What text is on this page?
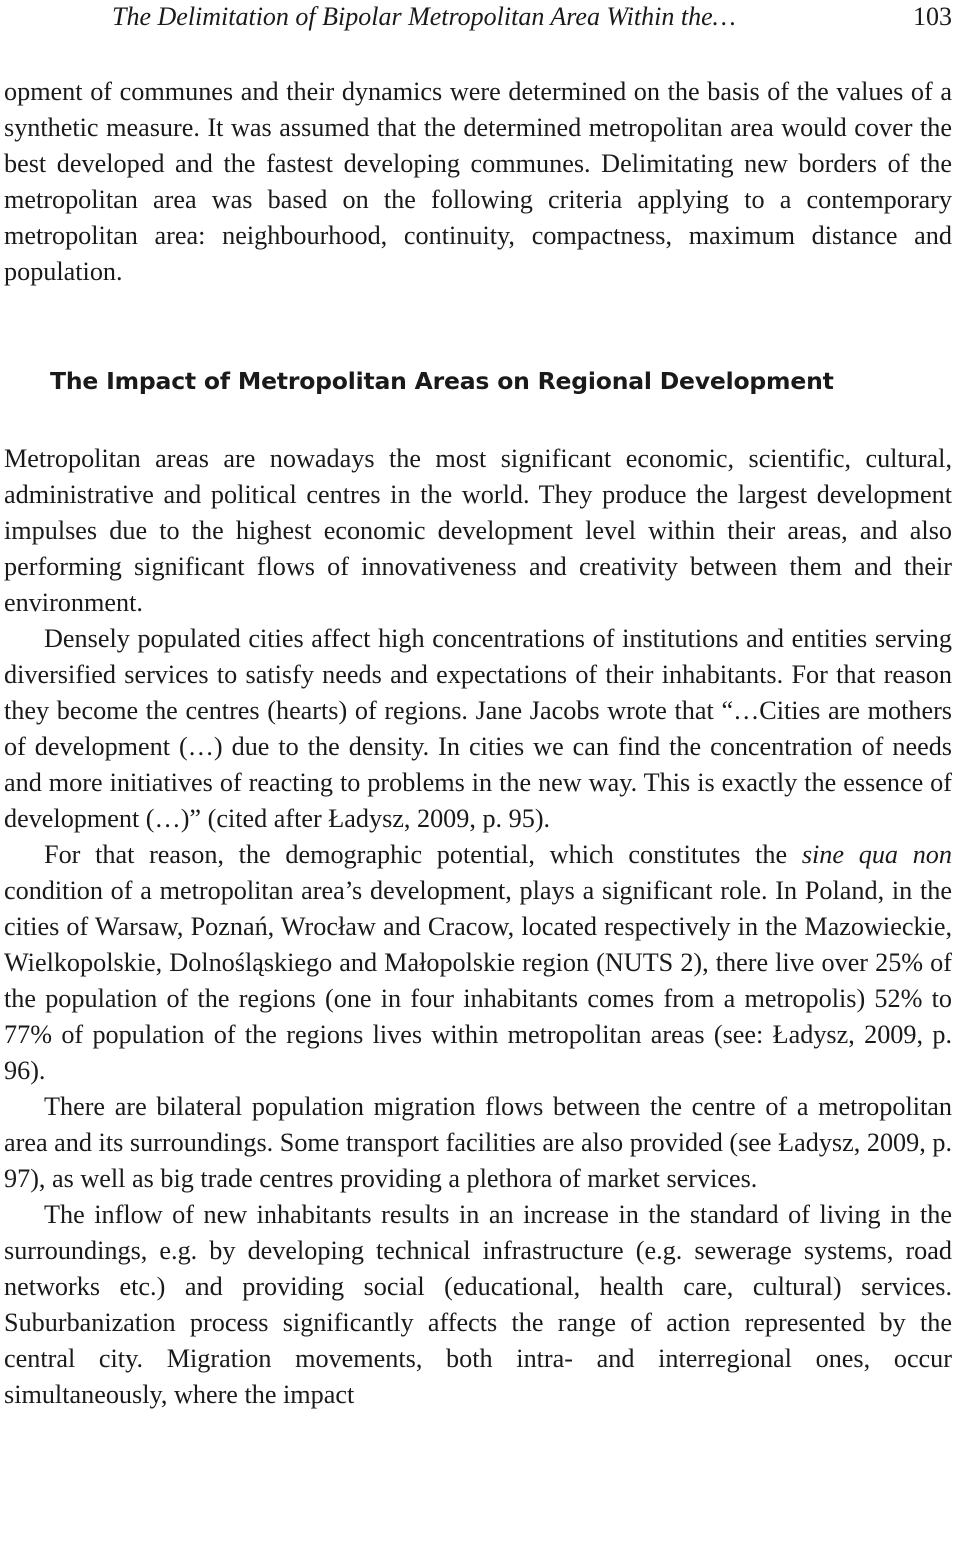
The Delimitation of Bipolar Metropolitan Area Within the…	103

opment of communes and their dynamics were determined on the basis of the values of a synthetic measure. It was assumed that the determined metropolitan area would cover the best developed and the fastest developing communes. Delimitating new borders of the metropolitan area was based on the following criteria applying to a contemporary metropolitan area: neighbourhood, continuity, compactness, maximum distance and population.

The Impact of Metropolitan Areas on Regional Development

Metropolitan areas are nowadays the most significant economic, scientific, cultural, administrative and political centres in the world. They produce the largest development impulses due to the highest economic development level within their areas, and also performing significant flows of innovativeness and creativity between them and their environment.

Densely populated cities affect high concentrations of institutions and entities serving diversified services to satisfy needs and expectations of their inhabitants. For that reason they become the centres (hearts) of regions. Jane Jacobs wrote that “…Cities are mothers of development (…) due to the density. In cities we can find the concentration of needs and more initiatives of reacting to problems in the new way. This is exactly the essence of development (…)” (cited after Ładysz, 2009, p. 95).

For that reason, the demographic potential, which constitutes the sine qua non condition of a metropolitan area’s development, plays a significant role. In Poland, in the cities of Warsaw, Poznań, Wrocław and Cracow, located respectively in the Mazowieckie, Wielkopolskie, Dolnośląskiego and Małopolskie region (NUTS 2), there live over 25% of the population of the regions (one in four inhabitants comes from a metropolis) 52% to 77% of population of the regions lives within metropolitan areas (see: Ładysz, 2009, p. 96).

There are bilateral population migration flows between the centre of a metropolitan area and its surroundings. Some transport facilities are also provided (see Ładysz, 2009, p. 97), as well as big trade centres providing a plethora of market services.

The inflow of new inhabitants results in an increase in the standard of living in the surroundings, e.g. by developing technical infrastructure (e.g. sewerage systems, road networks etc.) and providing social (educational, health care, cultural) services. Suburbanization process significantly affects the range of action represented by the central city. Migration movements, both intra- and interregional ones, occur simultaneously, where the impact
